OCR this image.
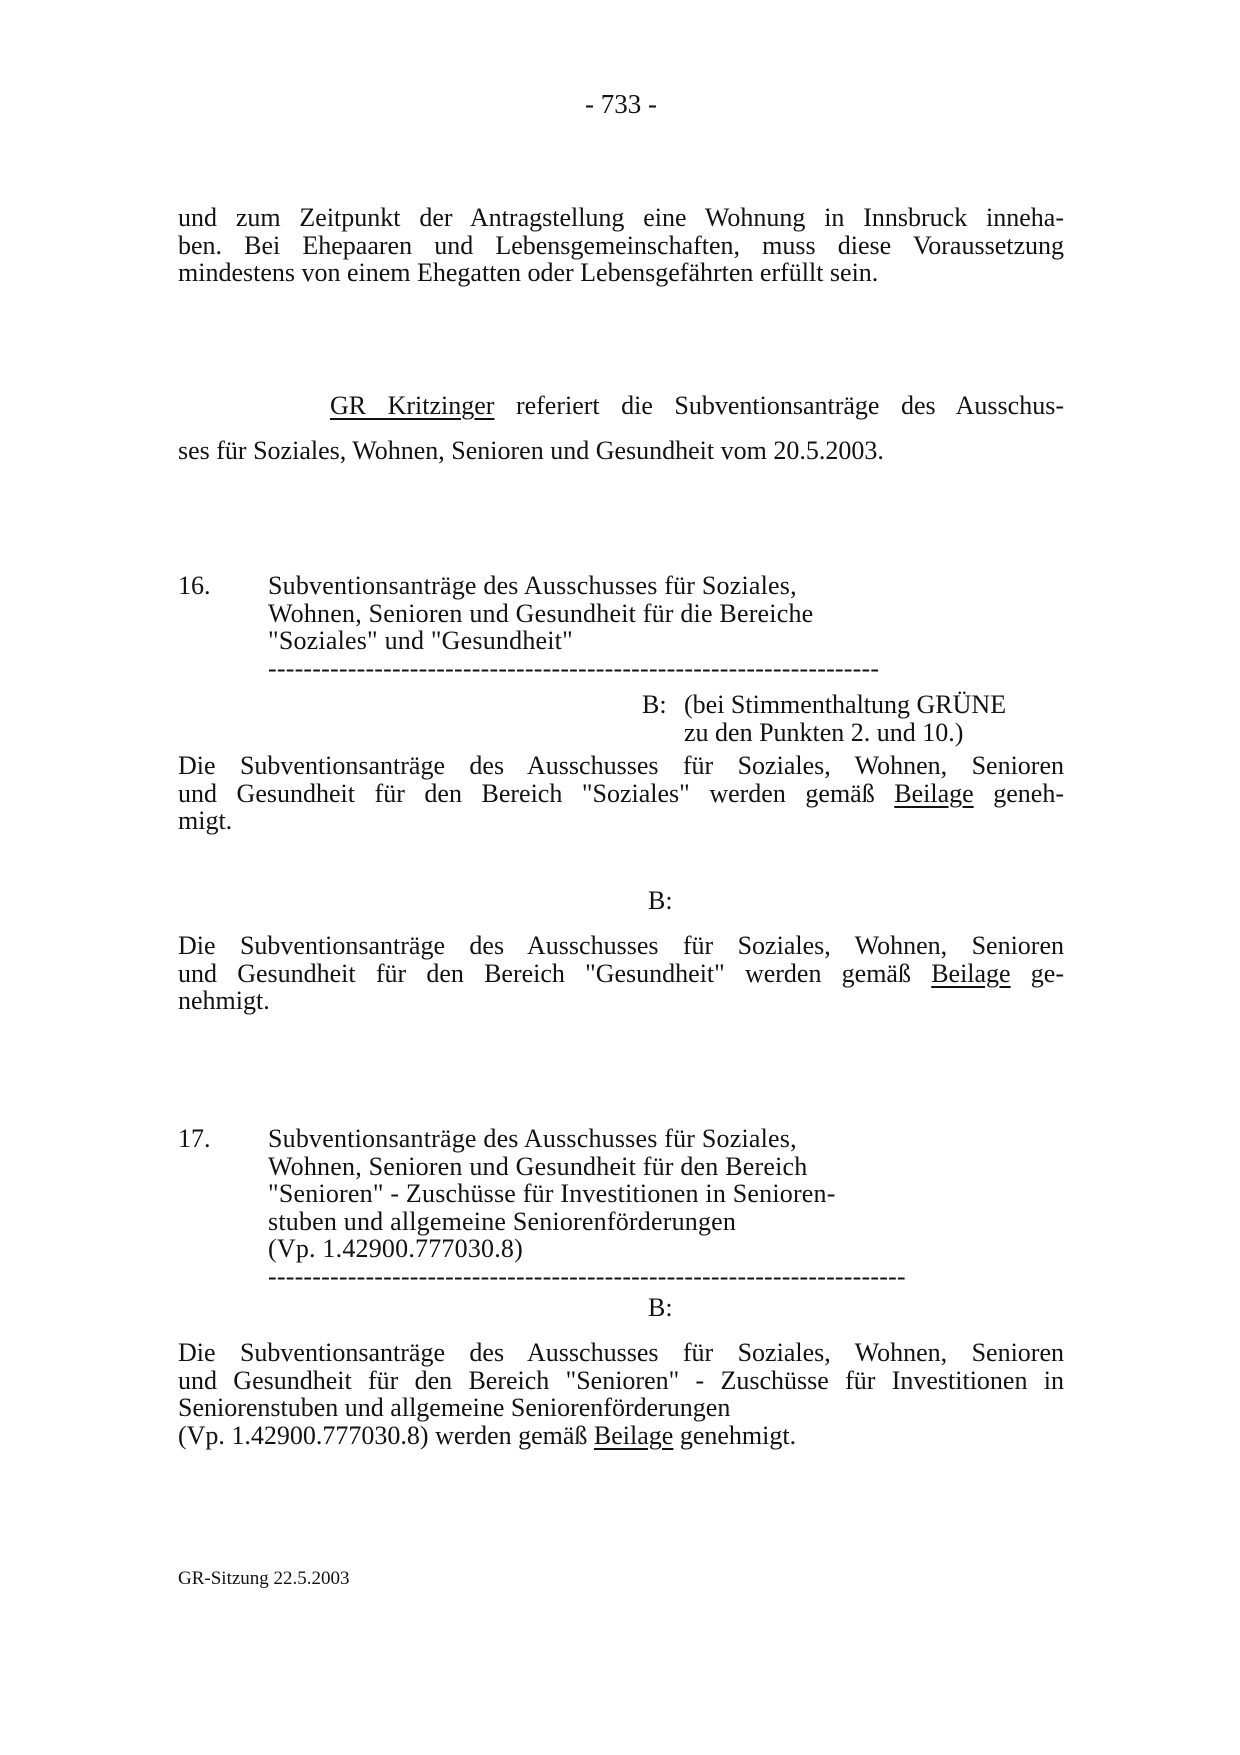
- 733 -
und zum Zeitpunkt der Antragstellung eine Wohnung in Innsbruck inneha-
ben. Bei Ehepaaren und Lebensgemeinschaften, muss diese Voraussetzung
mindestens von einem Ehegatten oder Lebensgefährten erfüllt sein.
GR Kritzinger referiert die Subventionsanträge des Ausschus-
ses für Soziales, Wohnen, Senioren und Gesundheit vom 20.5.2003.
16.	Subventionsanträge des Ausschusses für Soziales,
Wohnen, Senioren und Gesundheit für die Bereiche
"Soziales" und "Gesundheit"
---------------------------------------------------------------------
B: (bei Stimmenthaltung GRÜNE
zu den Punkten 2. und 10.)
Die Subventionsanträge des Ausschusses für Soziales, Wohnen, Senioren
und Gesundheit für den Bereich "Soziales" werden gemäß Beilage geneh-
migt.
B:
Die Subventionsanträge des Ausschusses für Soziales, Wohnen, Senioren
und Gesundheit für den Bereich "Gesundheit" werden gemäß Beilage ge-
nehmigt.
17.	Subventionsanträge des Ausschusses für Soziales,
Wohnen, Senioren und Gesundheit für den Bereich
"Senioren" - Zuschüsse für Investitionen in Senioren-
stuben und allgemeine Seniorenförderungen
(Vp. 1.42900.777030.8)
------------------------------------------------------------------------
B:
Die Subventionsanträge des Ausschusses für Soziales, Wohnen, Senioren
und Gesundheit für den Bereich "Senioren" - Zuschüsse für Investitionen in
Seniorenstuben und allgemeine Seniorenförderungen
(Vp. 1.42900.777030.8) werden gemäß Beilage genehmigt.
GR-Sitzung 22.5.2003
